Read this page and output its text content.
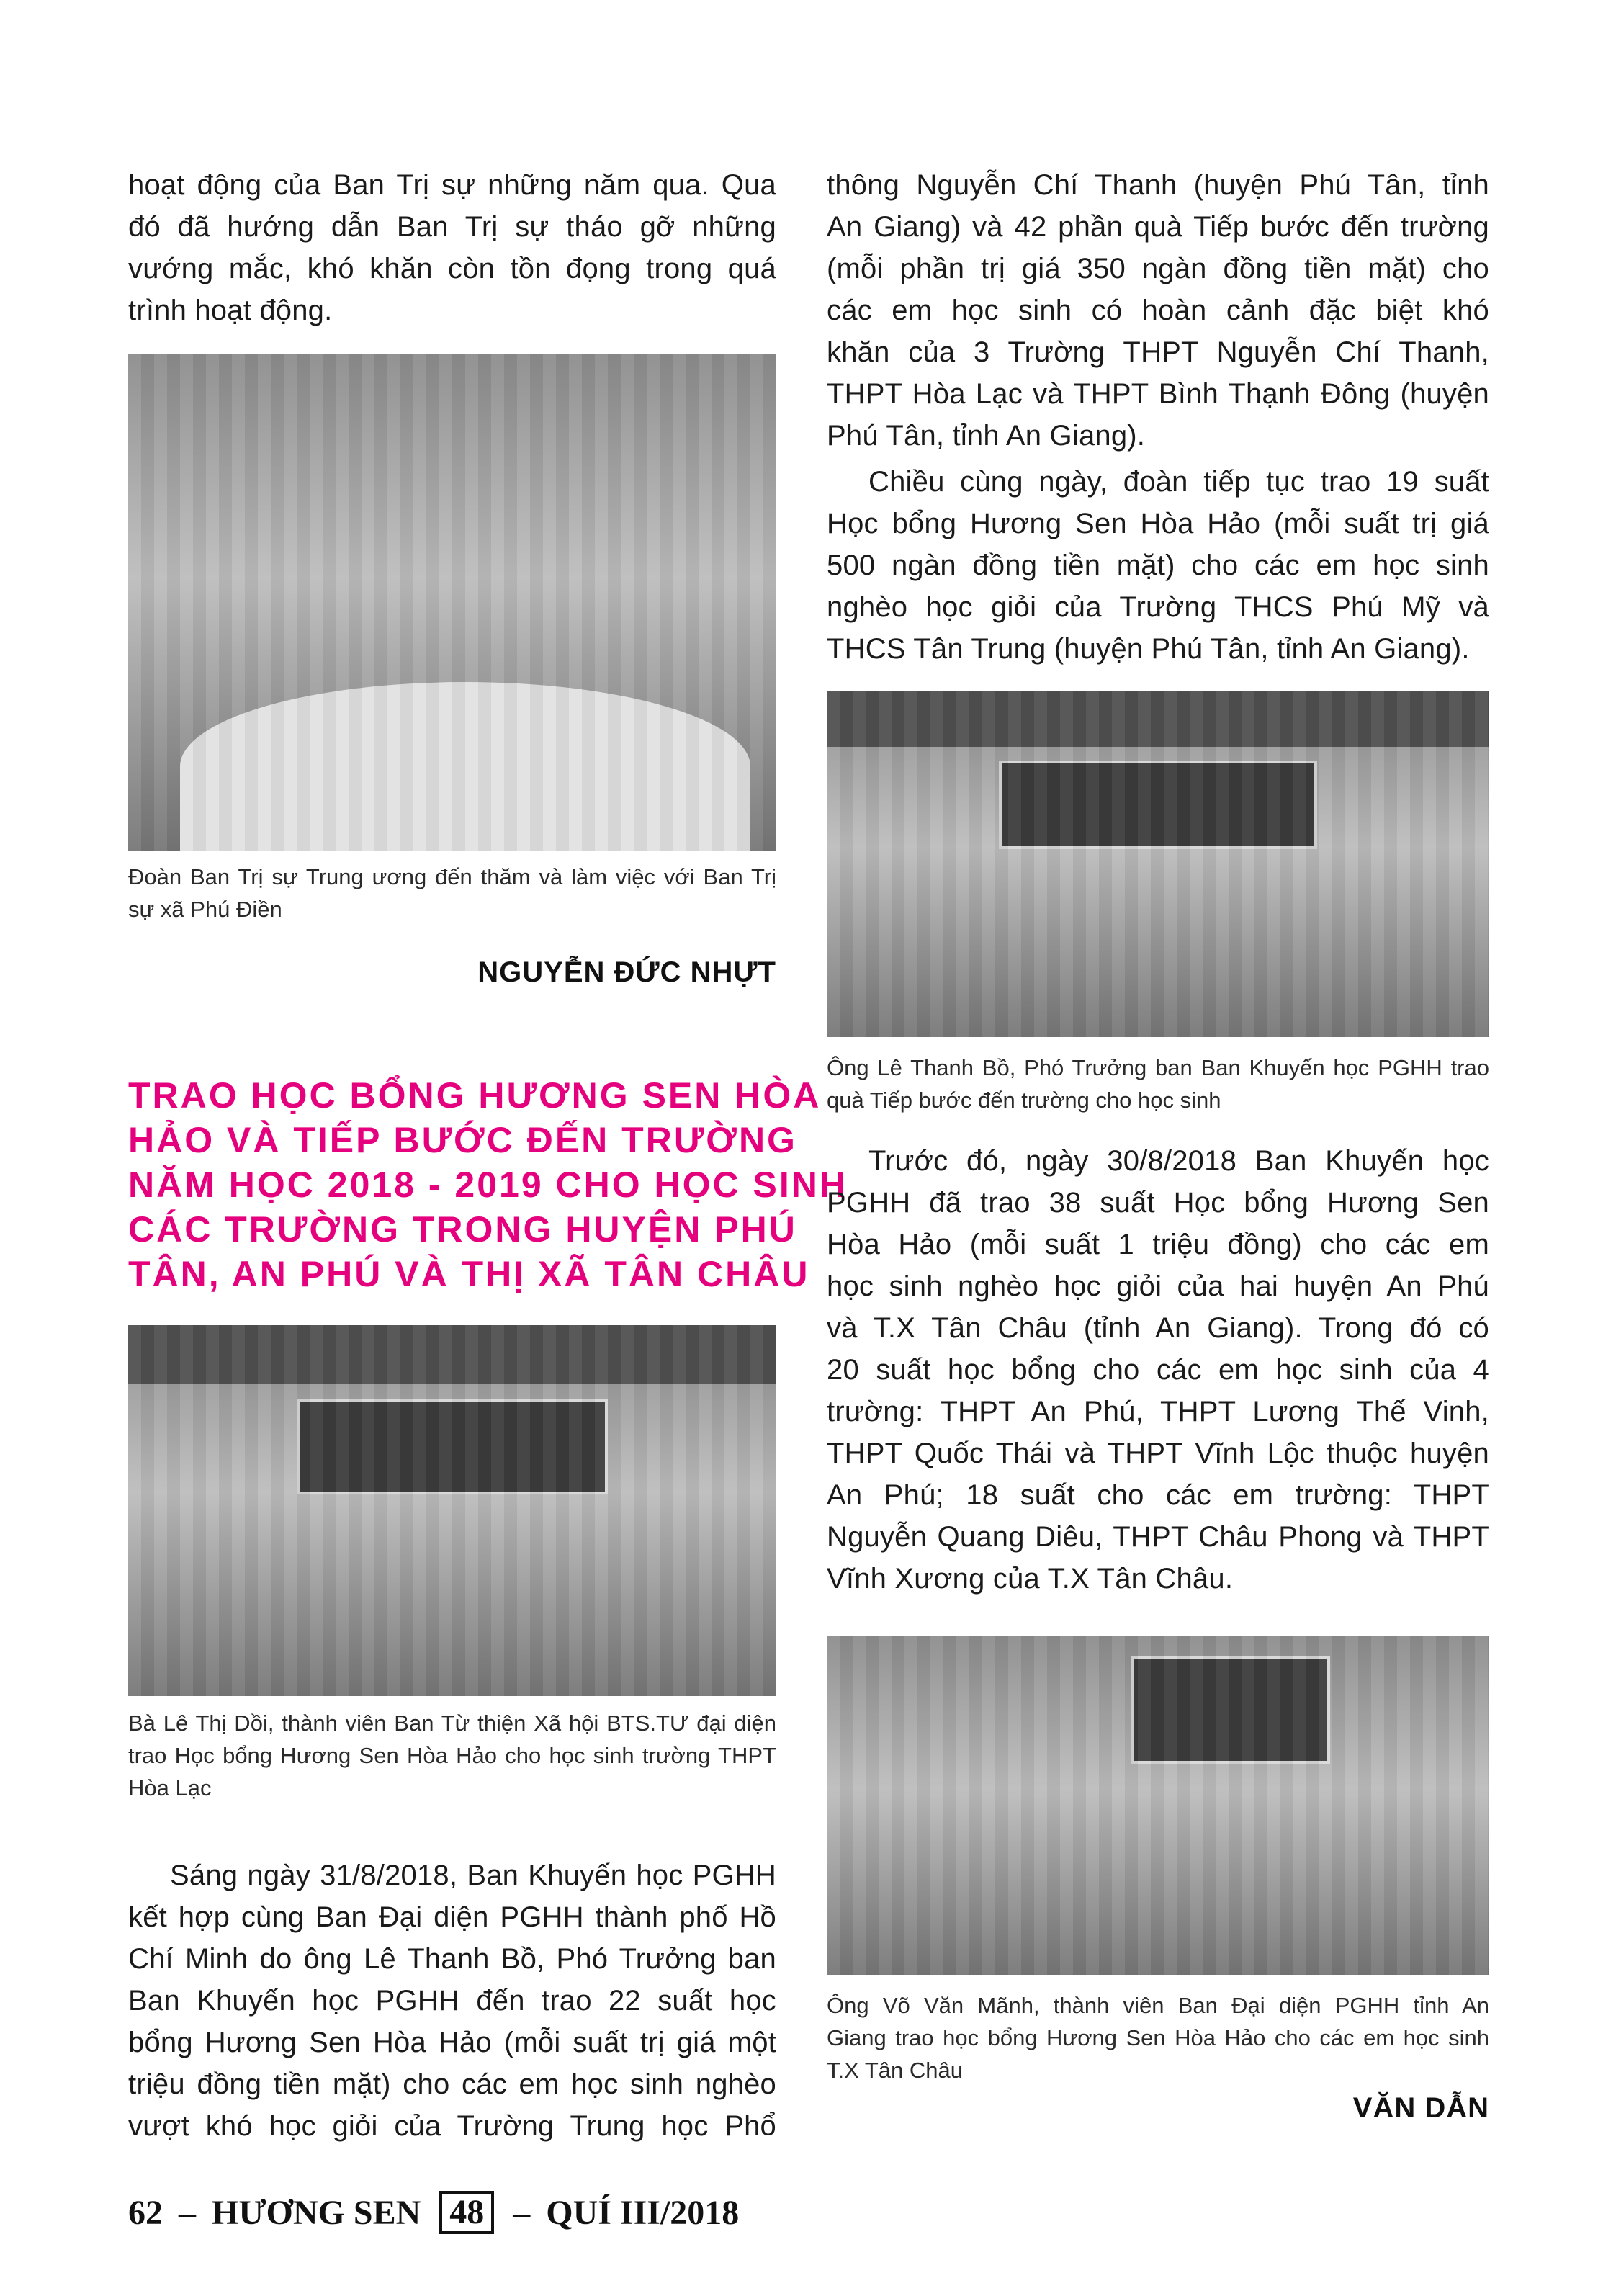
hoạt động của Ban Trị sự những năm qua. Qua
đó đã hướng dẫn Ban Trị sự tháo gỡ những
vướng mắc, khó khăn còn tồn đọng trong quá
trình hoạt động.

Đoàn Ban Trị sự Trung ương đến thăm và làm việc với Ban Trị
sự xã Phú Điền

NGUYỄN ĐỨC NHỰT

TRAO HỌC BỔNG HƯƠNG SEN HÒA
HẢO VÀ TIẾP BƯỚC ĐẾN TRƯỜNG
NĂM HỌC 2018 - 2019 CHO HỌC SINH
CÁC TRƯỜNG TRONG HUYỆN PHÚ
TÂN, AN PHÚ VÀ THỊ XÃ TÂN CHÂU

Bà Lê Thị Dồi, thành viên Ban Từ thiện Xã hội BTS.TƯ đại diện
trao Học bổng Hương Sen Hòa Hảo cho học sinh trường THPT
Hòa Lạc

Sáng ngày 31/8/2018, Ban Khuyến học PGHH
kết hợp cùng Ban Đại diện PGHH thành phố Hồ
Chí Minh do ông Lê Thanh Bồ, Phó Trưởng ban
Ban Khuyến học PGHH đến trao 22 suất học
bổng Hương Sen Hòa Hảo (mỗi suất trị giá một
triệu đồng tiền mặt) cho các em học sinh nghèo
vượt khó học giỏi của Trường Trung học Phổ

thông Nguyễn Chí Thanh (huyện Phú Tân, tỉnh
An Giang) và 42 phần quà Tiếp bước đến trường
(mỗi phần trị giá 350 ngàn đồng tiền mặt) cho
các em học sinh có hoàn cảnh đặc biệt khó
khăn của 3 Trường THPT Nguyễn Chí Thanh,
THPT Hòa Lạc và THPT Bình Thạnh Đông (huyện
Phú Tân, tỉnh An Giang).

Chiều cùng ngày, đoàn tiếp tục trao 19 suất
Học bổng Hương Sen Hòa Hảo (mỗi suất trị giá
500 ngàn đồng tiền mặt) cho các em học sinh
nghèo học giỏi của Trường THCS Phú Mỹ và
THCS Tân Trung (huyện Phú Tân, tỉnh An Giang).

Ông Lê Thanh Bồ, Phó Trưởng ban Ban Khuyến học PGHH trao
quà Tiếp bước đến trường cho học sinh

Trước đó, ngày 30/8/2018 Ban Khuyến học
PGHH đã trao 38 suất Học bổng Hương Sen
Hòa Hảo (mỗi suất 1 triệu đồng) cho các em
học sinh nghèo học giỏi của hai huyện An Phú
và T.X Tân Châu (tỉnh An Giang). Trong đó có
20 suất học bổng cho các em học sinh của 4
trường: THPT An Phú, THPT Lương Thế Vinh,
THPT Quốc Thái và THPT Vĩnh Lộc thuộc huyện
An Phú; 18 suất cho các em trường: THPT
Nguyễn Quang Diêu, THPT Châu Phong và THPT
Vĩnh Xương của T.X Tân Châu.

Ông Võ Văn Mãnh, thành viên Ban Đại diện PGHH tỉnh An
Giang trao học bổng Hương Sen Hòa Hảo cho các em học sinh
T.X Tân Châu

VĂN DẪN

62 – HƯƠNG SEN 48 – QUÍ III/2018
